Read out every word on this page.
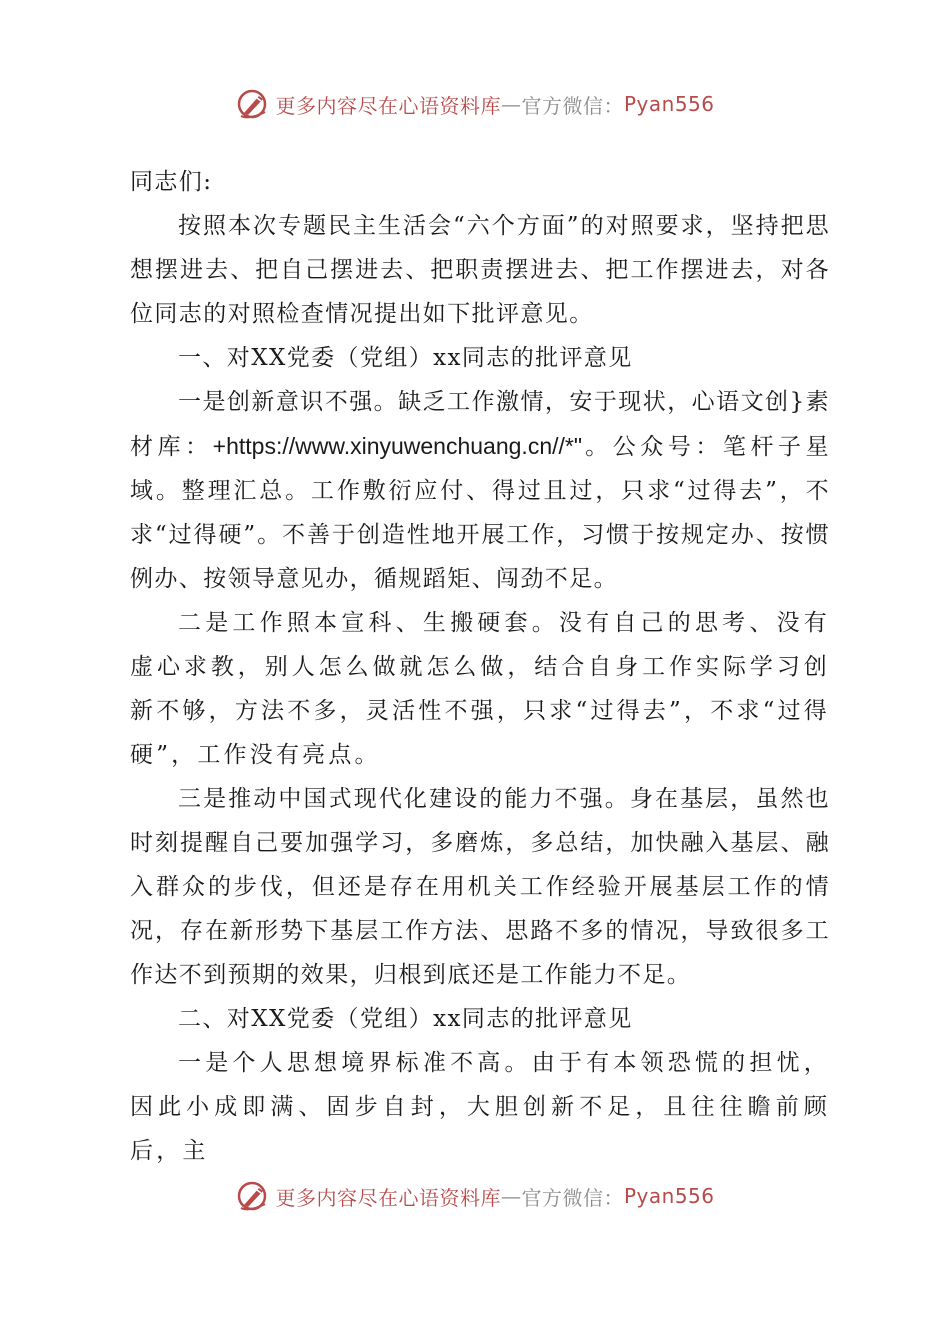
更多内容尽在心语资料库 — 官方微信： Pyan556

同志们:

按照本次专题民主生活会“六个方面”的对照要求，坚持把思想摆进去、把自己摆进去、把职责摆进去、把工作摆进去，对各位同志的对照检查情况提出如下批评意见。

一、对XX党委（党组）xx同志的批评意见

一是创新意识不强。缺乏工作激情，安于现状，心语文创}素材库：+https://www.xinyuwenchuang.cn//*"。公众号：笔杆子星域。整理汇总。工作敷衍应付、得过且过，只求“过得去”，不求“过得硬”。不善于创造性地开展工作，习惯于按规定办、按惯例办、按领导意见办，循规蹈矩、闯劲不足。

二是工作照本宣科、生搬硬套。没有自己的思考、没有虚心求教，别人怎么做就怎么做，结合自身工作实际学习创新不够，方法不多，灵活性不强，只求“过得去”，不求“过得硬”，工作没有亮点。

三是推动中国式现代化建设的能力不强。身在基层，虽然也时刻提醒自己要加强学习，多磨炼，多总结，加快融入基层、融入群众的步伐，但还是存在用机关工作经验开展基层工作的情况，存在新形势下基层工作方法、思路不多的情况，导致很多工作达不到预期的效果，归根到底还是工作能力不足。

二、对XX党委（党组）xx同志的批评意见

一是个人思想境界标准不高。由于有本领恐慌的担忧，因此小成即满、固步自封，大胆创新不足，且往往瞻前顾后，主

更多内容尽在心语资料库 — 官方微信： Pyan556
